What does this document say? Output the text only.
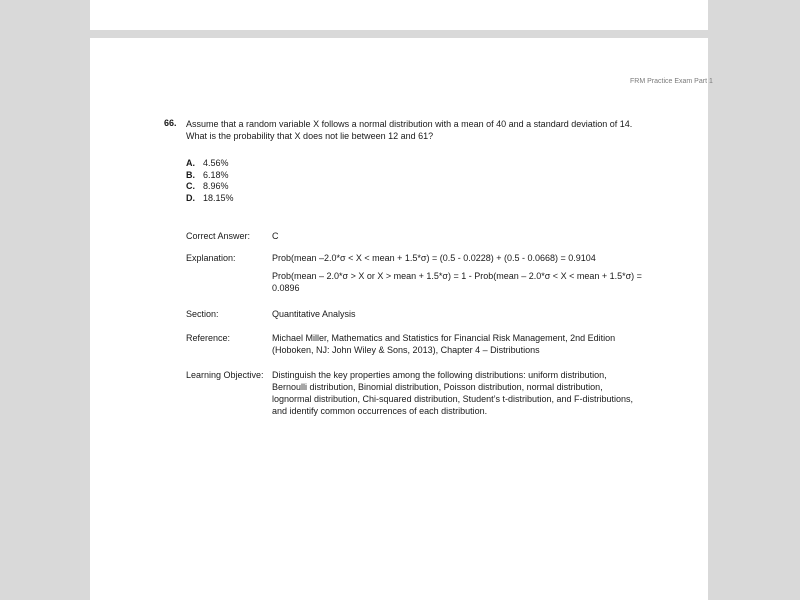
FRM Practice Exam Part 1
66. Assume that a random variable X follows a normal distribution with a mean of 40 and a standard deviation of 14. What is the probability that X does not lie between 12 and 61?
A. 4.56%
B. 6.18%
C. 8.96%
D. 18.15%
Correct Answer:	C
Explanation:	Prob(mean –2.0*σ < X < mean + 1.5*σ) = (0.5 - 0.0228) + (0.5 - 0.0668) = 0.9104
Prob(mean – 2.0*σ > X or X > mean + 1.5*σ) = 1 - Prob(mean – 2.0*σ < X < mean + 1.5*σ) = 0.0896
Section:	Quantitative Analysis
Reference:	Michael Miller, Mathematics and Statistics for Financial Risk Management, 2nd Edition (Hoboken, NJ: John Wiley & Sons, 2013), Chapter 4 – Distributions
Learning Objective: Distinguish the key properties among the following distributions: uniform distribution, Bernoulli distribution, Binomial distribution, Poisson distribution, normal distribution, lognormal distribution, Chi-squared distribution, Student’s t-distribution, and F-distributions, and identify common occurrences of each distribution.
